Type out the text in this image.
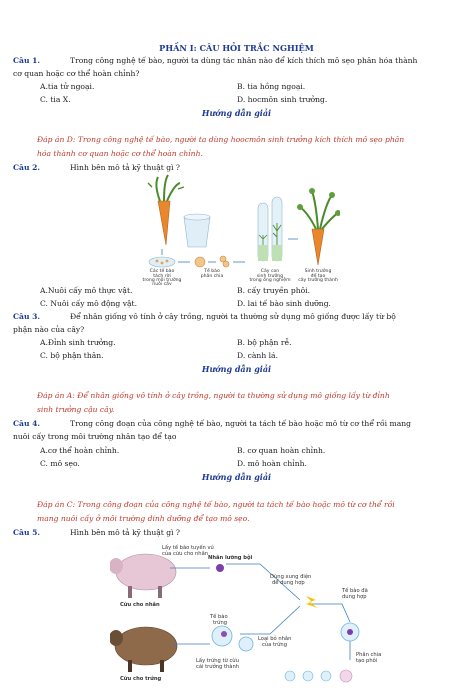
PHẦN I: CÂU HỎI TRẮC NGHIỆM
Câu 1.	Trong công nghệ tế bào, người ta dùng tác nhân nào để kích thích mô sẹo phân hóa thành
cơ quan hoặc cơ thể hoàn chỉnh?
A.tia tử ngoại.	B. tia hồng ngoại.
C. tia X.	D. hocmôn sinh trưởng.
Hướng dẫn giải
Đáp án D: Trong công nghệ tế bào, người ta dùng hoocmôn sinh trưởng kích thích mô sẹo phân
hóa thành cơ quan hoặc cơ thể hoàn chỉnh.
Câu 2.	Hình bên mô tả kỹ thuật gì ?
Các tế bào
tách rời
trong môi trường
nuôi cấy
Tế bào
phân chia
Cây con
sinh trưởng
trong ống nghiệm
Sinh trưởng
để tạo
cây trưởng thành
A.Nuôi cấy mô thực vật.	B. cấy truyền phôi.
C. Nuôi cấy mô động vật.	D. lai tế bào sinh dưỡng.
Câu 3.	Để nhân giống vô tính ở cây trồng, người ta thường sử dụng mô giống được lấy từ bộ
phận nào của cây?
A.Đỉnh sinh trưởng.	B. bộ phận rễ.
C. bộ phận thân.	D. cành lá.
Hướng dẫn giải
Đáp án A: Để nhân giống vô tính ở cây trồng, người ta thường sử dụng mô giống lấy từ đỉnh
sinh trưởng cậu cây.
Câu 4.	Trong công đoạn của công nghệ tế bào, người ta tách tế bào hoặc mô từ cơ thể rồi mang
nuôi cấy trong môi trường nhân tạo để tạo
A.cơ thể hoàn chỉnh.	B. cơ quan hoàn chỉnh.
C. mô sẹo.	D. mô hoàn chỉnh.
Hướng dẫn giải
Đáp án C: Trong công đoạn của công nghệ tế bào, người ta tách tế bào hoặc mô từ cơ thể rồi
mang nuôi cấy ở môi trường dinh dưỡng để tạo mô sẹo.
Câu 5.	Hình bên mô tả kỹ thuật gì ?
Lấy tế bào tuyến vú
của cừu cho nhân
Nhân lưỡng bội
Dùng xung điện
để dung hợp
Tế bào đã
dung hợp
Cừu cho nhân
Tế bào
trứng
Loại bỏ nhân
của trứng
Phân chia
tạo phôi
Lấy trứng từ cừu
cái trưởng thành
Cừu cho trứng
